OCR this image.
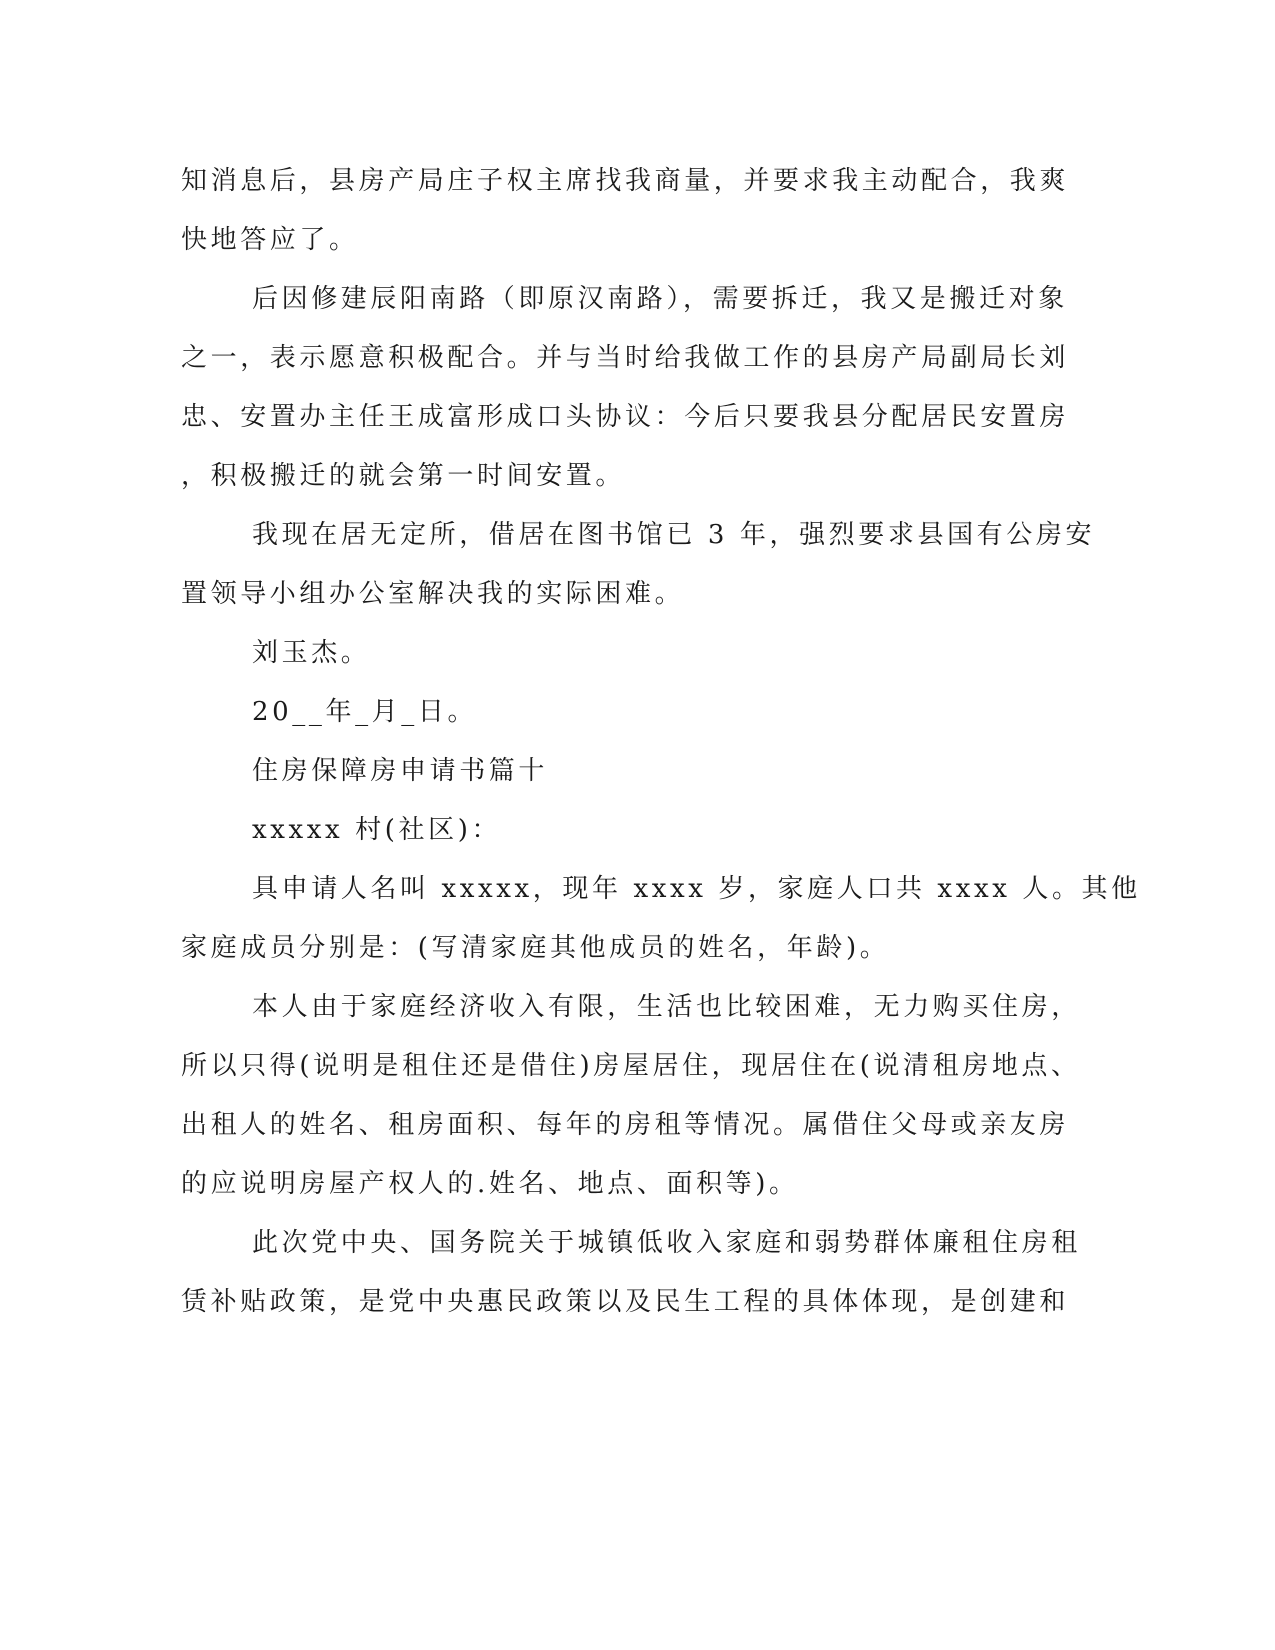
知消息后，县房产局庄子权主席找我商量，并要求我主动配合，我爽
快地答应了。
后因修建辰阳南路（即原汉南路），需要拆迁，我又是搬迁对象
之一，表示愿意积极配合。并与当时给我做工作的县房产局副局长刘
忠、安置办主任王成富形成口头协议：今后只要我县分配居民安置房
，积极搬迁的就会第一时间安置。
我现在居无定所，借居在图书馆已 3 年，强烈要求县国有公房安
置领导小组办公室解决我的实际困难。
刘玉杰。
20__年_月_日。
住房保障房申请书篇十
xxxxx 村(社区)：
具申请人名叫 xxxxx，现年 xxxx 岁，家庭人口共 xxxx 人。其他
家庭成员分别是：(写清家庭其他成员的姓名，年龄)。
本人由于家庭经济收入有限，生活也比较困难，无力购买住房，
所以只得(说明是租住还是借住)房屋居住，现居住在(说清租房地点、
出租人的姓名、租房面积、每年的房租等情况。属借住父母或亲友房
的应说明房屋产权人的.姓名、地点、面积等)。
此次党中央、国务院关于城镇低收入家庭和弱势群体廉租住房租
赁补贴政策，是党中央惠民政策以及民生工程的具体体现，是创建和
